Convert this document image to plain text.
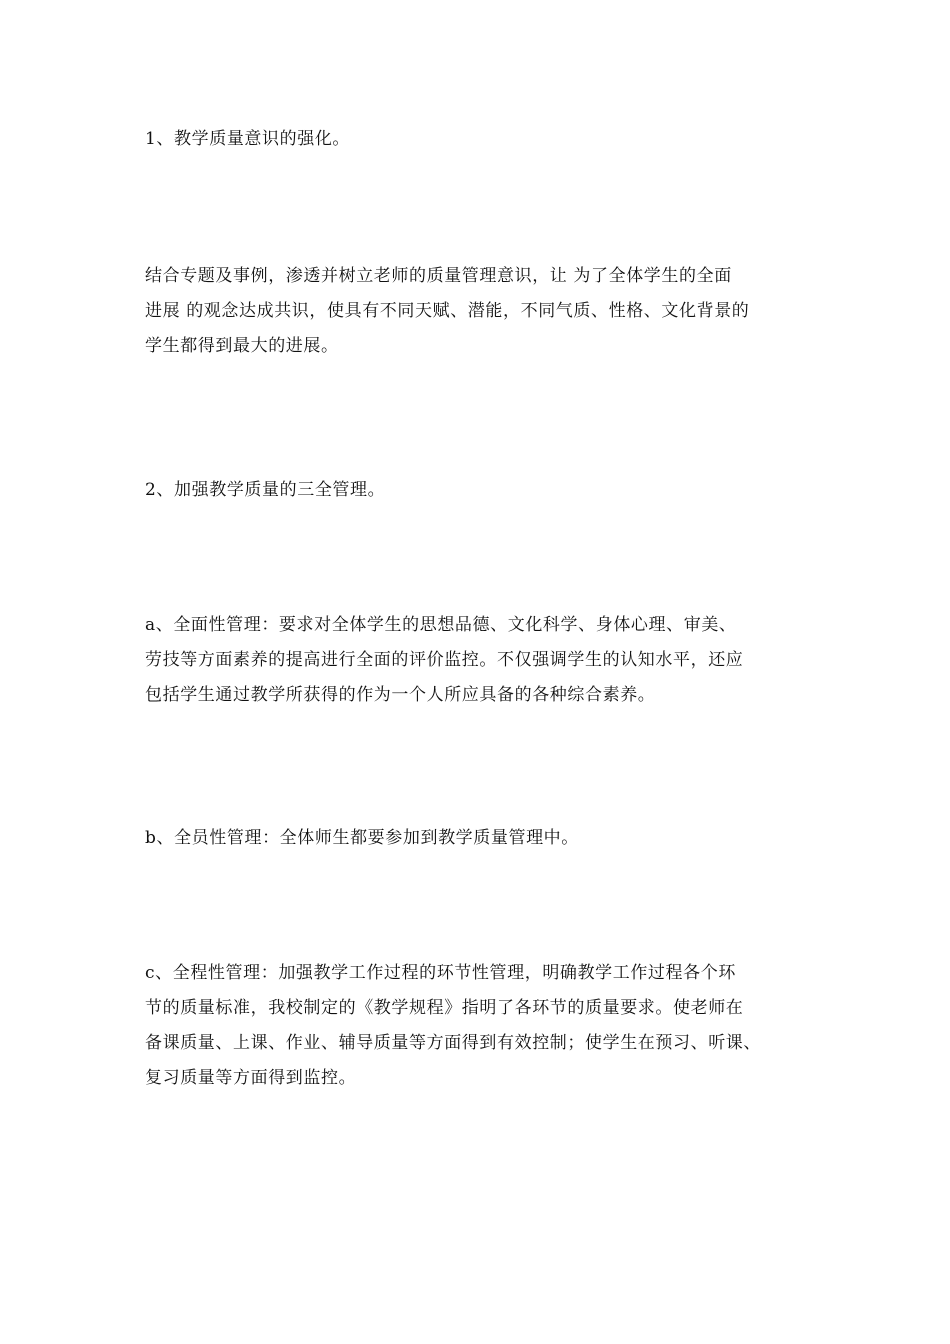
1、教学质量意识的强化。

结合专题及事例，渗透并树立老师的质量管理意识，让 为了全体学生的全面
进展 的观念达成共识，使具有不同天赋、潜能，不同气质、性格、文化背景的
学生都得到最大的进展。

2、加强教学质量的三全管理。

a、全面性管理：要求对全体学生的思想品德、文化科学、身体心理、审美、
劳技等方面素养的提高进行全面的评价监控。不仅强调学生的认知水平，还应
包括学生通过教学所获得的作为一个人所应具备的各种综合素养。

b、全员性管理：全体师生都要参加到教学质量管理中。

c、全程性管理：加强教学工作过程的环节性管理，明确教学工作过程各个环
节的质量标准，我校制定的《教学规程》指明了各环节的质量要求。使老师在
备课质量、上课、作业、辅导质量等方面得到有效控制；使学生在预习、听课、
复习质量等方面得到监控。
